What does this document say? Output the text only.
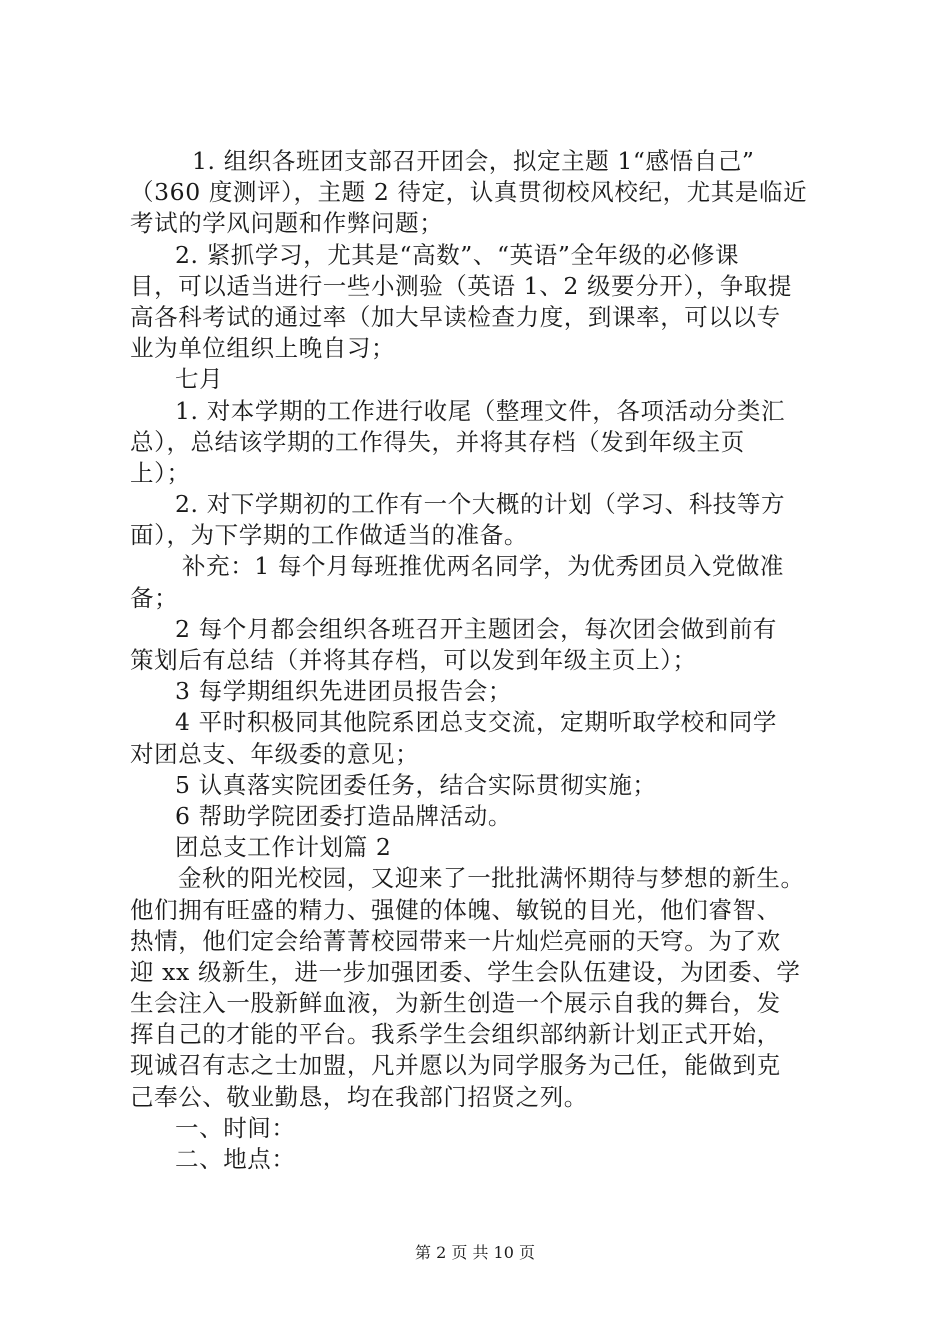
1. 组织各班团支部召开团会，拟定主题 1“感悟自己”
（360 度测评），主题 2 待定，认真贯彻校风校纪，尤其是临近
考试的学风问题和作弊问题；
2. 紧抓学习，尤其是“高数”、“英语”全年级的必修课
目，可以适当进行一些小测验（英语 1、2 级要分开），争取提
高各科考试的通过率（加大早读检查力度，到课率，可以以专
业为单位组织上晚自习；
七月
1. 对本学期的工作进行收尾（整理文件，各项活动分类汇
总），总结该学期的工作得失，并将其存档（发到年级主页
上）；
2. 对下学期初的工作有一个大概的计划（学习、科技等方
面），为下学期的工作做适当的准备。
补充：1 每个月每班推优两名同学，为优秀团员入党做准
备；
2 每个月都会组织各班召开主题团会，每次团会做到前有
策划后有总结（并将其存档，可以发到年级主页上）；
3 每学期组织先进团员报告会；
4 平时积极同其他院系团总支交流，定期听取学校和同学
对团总支、年级委的意见；
5 认真落实院团委任务，结合实际贯彻实施；
6 帮助学院团委打造品牌活动。
团总支工作计划篇 2
金秋的阳光校园，又迎来了一批批满怀期待与梦想的新生。
他们拥有旺盛的精力、强健的体魄、敏锐的目光，他们睿智、
热情，他们定会给菁菁校园带来一片灿烂亮丽的天穹。为了欢
迎 xx 级新生，进一步加强团委、学生会队伍建设，为团委、学
生会注入一股新鲜血液，为新生创造一个展示自我的舞台，发
挥自己的才能的平台。我系学生会组织部纳新计划正式开始，
现诚召有志之士加盟，凡并愿以为同学服务为己任，能做到克
己奉公、敬业勤恳，均在我部门招贤之列。
一、时间：
二、地点：
第 2 页 共 10 页
